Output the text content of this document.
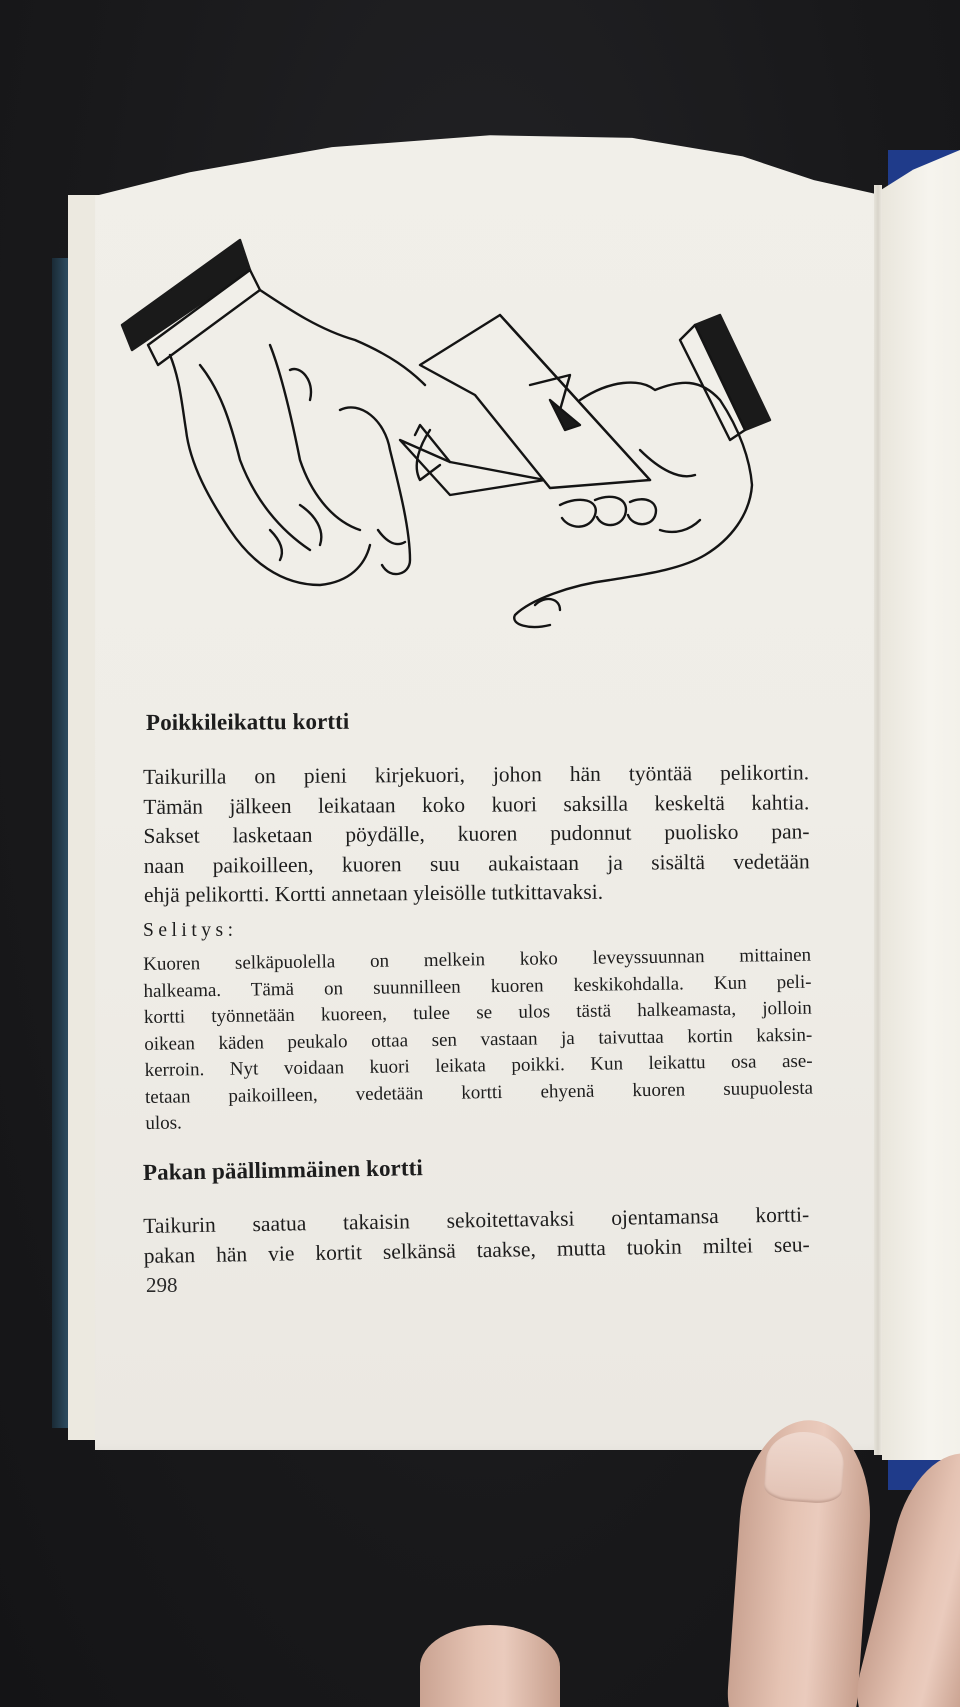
Poikkileikattu kortti
Taikurilla on pieni kirjekuori, johon hän työntää pelikortin.
Tämän jälkeen leikataan koko kuori saksilla keskeltä kahtia.
Sakset lasketaan pöydälle, kuoren pudonnut puolisko pan-
naan paikoilleen, kuoren suu aukaistaan ja sisältä vedetään
ehjä pelikortti. Kortti annetaan yleisölle tutkittavaksi.
Selitys:
Kuoren selkäpuolella on melkein koko leveyssuunnan mittainen
halkeama. Tämä on suunnilleen kuoren keskikohdalla. Kun peli-
kortti työnnetään kuoreen, tulee se ulos tästä halkeamasta, jolloin
oikean käden peukalo ottaa sen vastaan ja taivuttaa kortin kaksin-
kerroin. Nyt voidaan kuori leikata poikki. Kun leikattu osa ase-
tetaan paikoilleen, vedetään kortti ehyenä kuoren suupuolesta
ulos.
Pakan päällimmäinen kortti
Taikurin saatua takaisin sekoitettavaksi ojentamansa kortti-
pakan hän vie kortit selkänsä taakse, mutta tuokin miltei seu-
298
